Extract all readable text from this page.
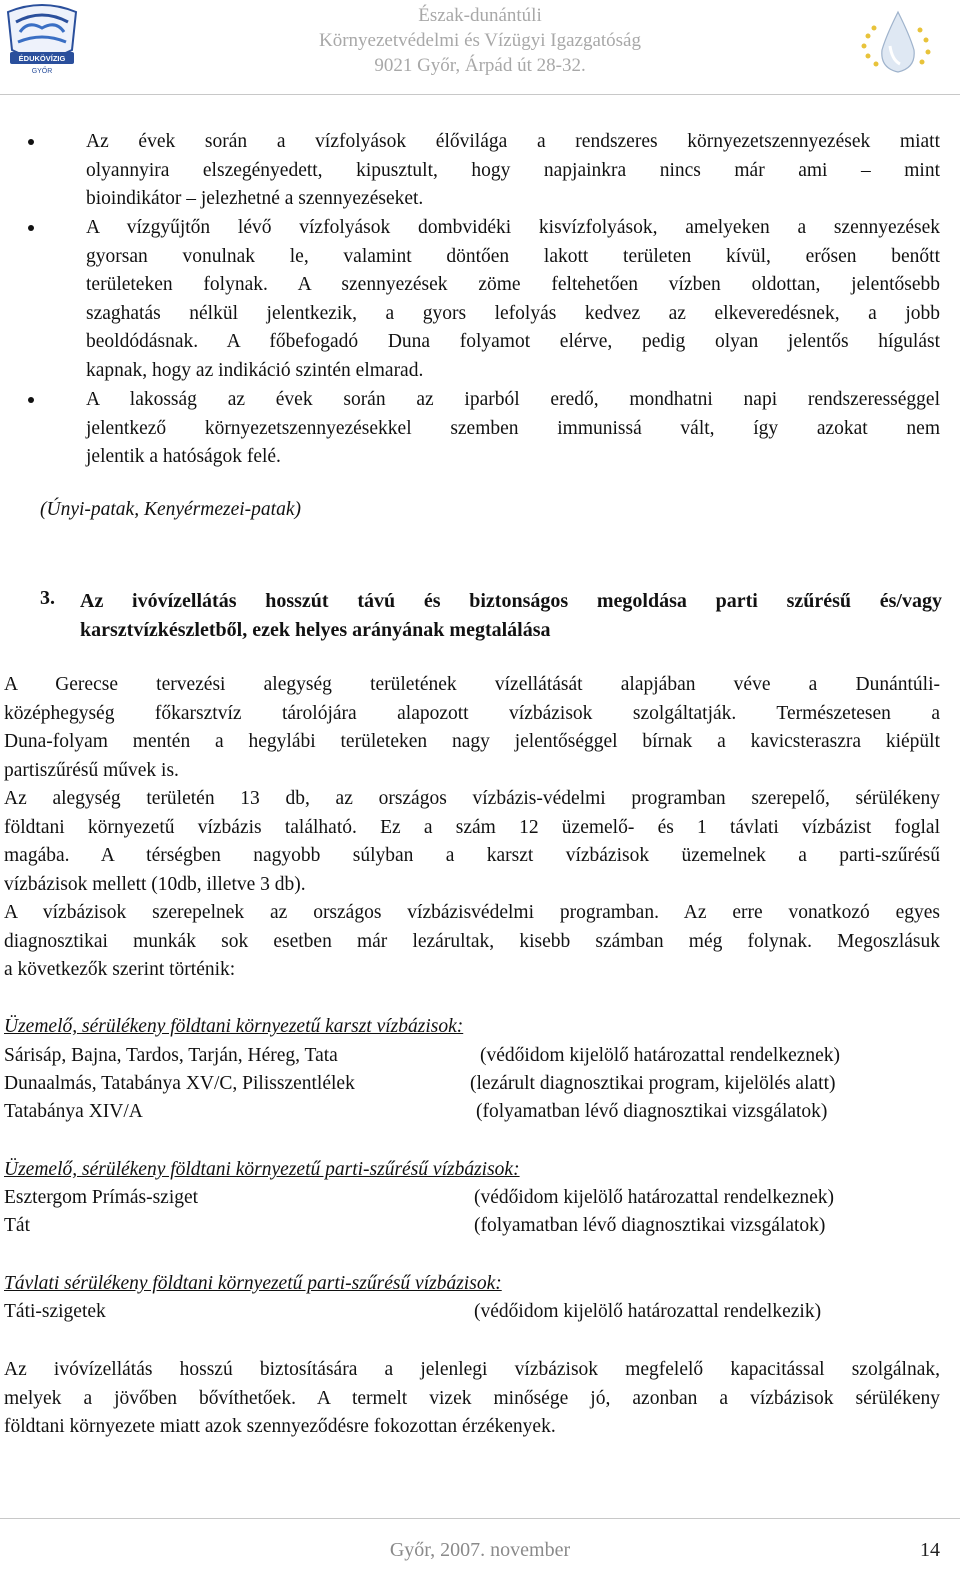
ÉDUKÖVÍZIG
GYŐR
Észak-dunántúli
Környezetvédelmi és Vízügyi Igazgatóság
9021 Győr, Árpád út 28-32.
Az évek során a vízfolyások élővilága a rendszeres környezetszennyezések miatt
olyannyira elszegényedett, kipusztult, hogy napjainkra nincs már ami – mint
bioindikátor – jelezhetné a szennyezéseket.
A vízgyűjtőn lévő vízfolyások dombvidéki kisvízfolyások, amelyeken a szennyezések
gyorsan vonulnak le, valamint döntően lakott területen kívül, erősen benőtt
területeken folynak. A szennyezések zöme feltehetően vízben oldottan, jelentősebb
szaghatás nélkül jelentkezik, a gyors lefolyás kedvez az elkeveredésnek, a jobb
beoldódásnak. A főbefogadó Duna folyamot elérve, pedig olyan jelentős hígulást
kapnak, hogy az indikáció szintén elmarad.
A lakosság az évek során az iparból eredő, mondhatni napi rendszerességgel
jelentkező környezetszennyezésekkel szemben immunissá vált, így azokat nem
jelentik a hatóságok felé.
(Únyi-patak, Kenyérmezei-patak)
3. Az ivóvízellátás hosszút távú és biztonságos megoldása parti szűrésű és/vagy
karsztvízkészletből, ezek helyes arányának megtalálása
A Gerecse tervezési alegység területének vízellátását alapjában véve a Dunántúli-
középhegység főkarsztvíz tárolójára alapozott vízbázisok szolgáltatják. Természetesen a
Duna-folyam mentén a hegylábi területeken nagy jelentőséggel bírnak a kavicsteraszra kiépült
partiszűrésű művek is.
Az alegység területén 13 db, az országos vízbázis-védelmi programban szerepelő, sérülékeny
földtani környezetű vízbázis található. Ez a szám 12 üzemelő- és 1 távlati vízbázist foglal
magába. A térségben nagyobb súlyban a karszt vízbázisok üzemelnek a parti-szűrésű
vízbázisok mellett (10db, illetve 3 db).
A vízbázisok szerepelnek az országos vízbázisvédelmi programban. Az erre vonatkozó egyes
diagnosztikai munkák sok esetben már lezárultak, kisebb számban még folynak. Megoszlásuk
a következők szerint történik:
Üzemelő, sérülékeny földtani környezetű karszt vízbázisok:
Sárisáp, Bajna, Tardos, Tarján, Héreg, Tata	(védőidom kijelölő határozattal rendelkeznek)
Dunaalmás, Tatabánya XV/C, Pilisszentlélek	(lezárult diagnosztikai program, kijelölés alatt)
Tatabánya XIV/A	(folyamatban lévő diagnosztikai vizsgálatok)
Üzemelő, sérülékeny földtani környezetű parti-szűrésű vízbázisok:
Esztergom Prímás-sziget	(védőidom kijelölő határozattal rendelkeznek)
Tát	(folyamatban lévő diagnosztikai vizsgálatok)
Távlati sérülékeny földtani környezetű parti-szűrésű vízbázisok:
Táti-szigetek	(védőidom kijelölő határozattal rendelkezik)
Az ivóvízellátás hosszú biztosítására a jelenlegi vízbázisok megfelelő kapacitással szolgálnak,
melyek a jövőben bővíthetőek. A termelt vizek minősége jó, azonban a vízbázisok sérülékeny
földtani környezete miatt azok szennyeződésre fokozottan érzékenyek.
Győr, 2007. november	14
